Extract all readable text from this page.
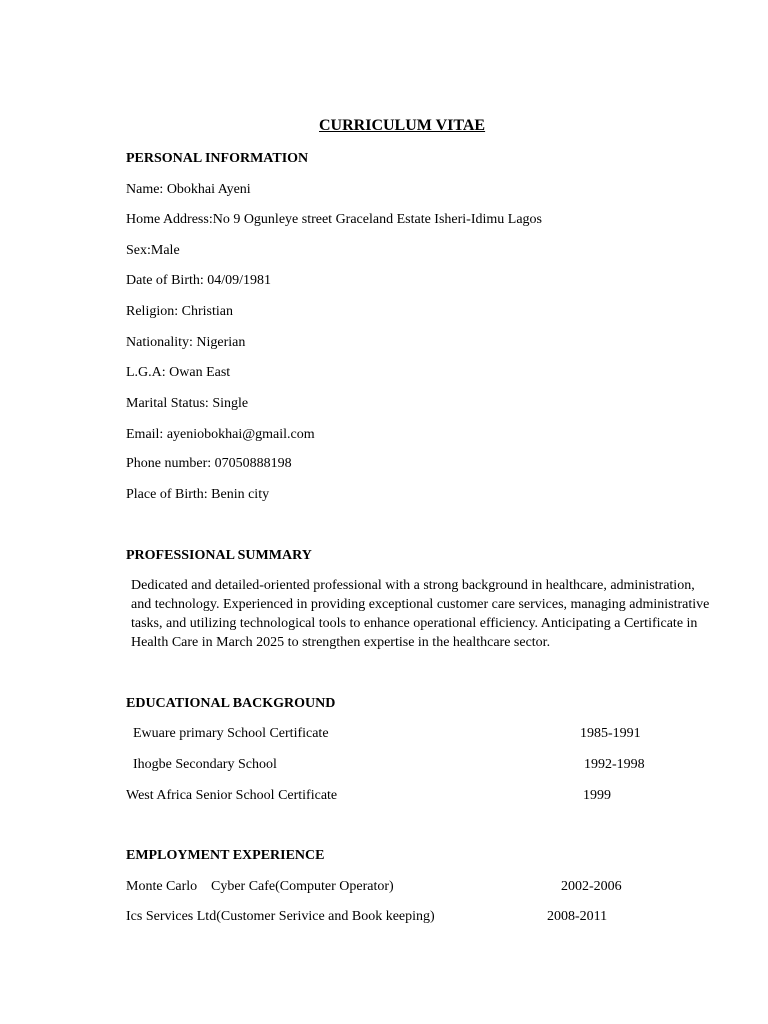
CURRICULUM VITAE
PERSONAL INFORMATION
Name: Obokhai Ayeni
Home Address:No 9 Ogunleye street Graceland Estate Isheri-Idimu Lagos
Sex:Male
Date of Birth: 04/09/1981
Religion: Christian
Nationality: Nigerian
L.G.A: Owan East
Marital Status: Single
Email: ayeniobokhai@gmail.com
Phone number: 07050888198
Place of Birth: Benin city
PROFESSIONAL SUMMARY
Dedicated and detailed-oriented professional with a strong background in healthcare, administration,
and technology. Experienced in providing exceptional customer care services, managing administrative
tasks, and utilizing technological tools to enhance operational efficiency. Anticipating a Certificate in
Health Care in March 2025 to strengthen expertise in the healthcare sector.
EDUCATIONAL BACKGROUND
Ewuare primary School Certificate	1985-1991
Ihogbe Secondary School	1992-1998
West Africa Senior School Certificate	1999
EMPLOYMENT EXPERIENCE
Monte Carlo Cyber Cafe(Computer Operator)	2002-2006
Ics Services Ltd(Customer Serivice and Book keeping)	2008-2011
